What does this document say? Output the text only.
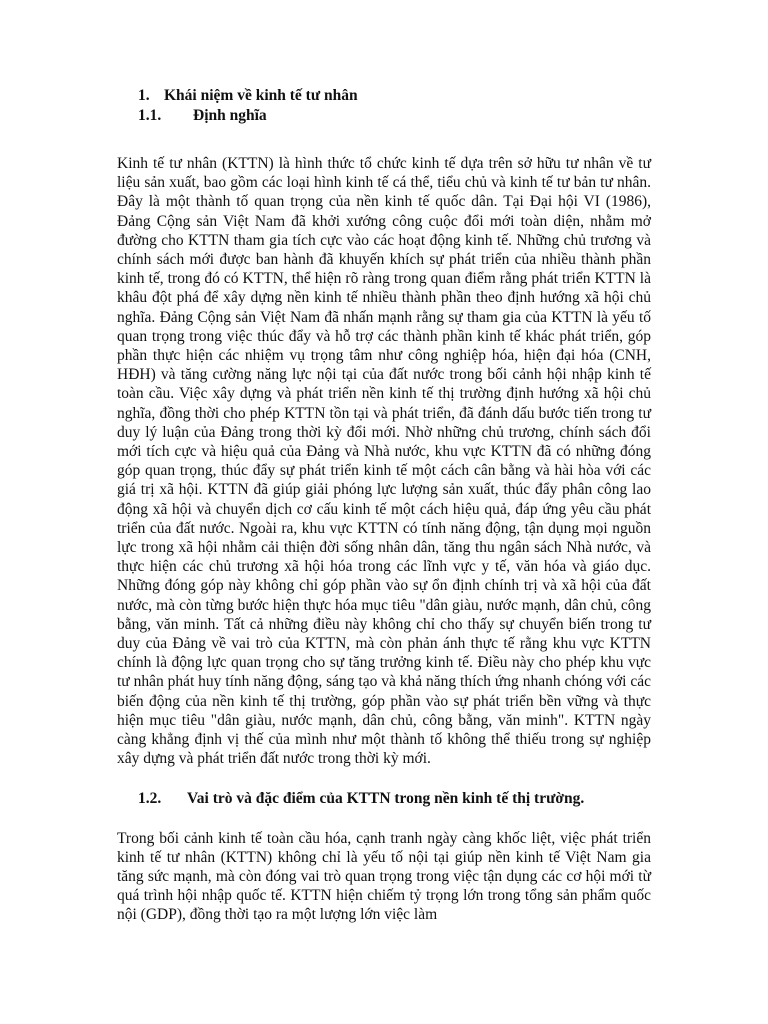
1. Khái niệm về kinh tế tư nhân
1.1.	Định nghĩa

Kinh tế tư nhân (KTTN) là hình thức tổ chức kinh tế dựa trên sở hữu tư nhân về tư liệu sản xuất, bao gồm các loại hình kinh tế cá thể, tiểu chủ và kinh tế tư bản tư nhân. Đây là một thành tố quan trọng của nền kinh tế quốc dân. Tại Đại hội VI (1986), Đảng Cộng sản Việt Nam đã khởi xướng công cuộc đổi mới toàn diện, nhằm mở đường cho KTTN tham gia tích cực vào các hoạt động kinh tế. Những chủ trương và chính sách mới được ban hành đã khuyến khích sự phát triển của nhiều thành phần kinh tế, trong đó có KTTN, thể hiện rõ ràng trong quan điểm rằng phát triển KTTN là khâu đột phá để xây dựng nền kinh tế nhiều thành phần theo định hướng xã hội chủ nghĩa. Đảng Cộng sản Việt Nam đã nhấn mạnh rằng sự tham gia của KTTN là yếu tố quan trọng trong việc thúc đẩy và hỗ trợ các thành phần kinh tế khác phát triển, góp phần thực hiện các nhiệm vụ trọng tâm như công nghiệp hóa, hiện đại hóa (CNH, HĐH) và tăng cường năng lực nội tại của đất nước trong bối cảnh hội nhập kinh tế toàn cầu. Việc xây dựng và phát triển nền kinh tế thị trường định hướng xã hội chủ nghĩa, đồng thời cho phép KTTN tồn tại và phát triển, đã đánh dấu bước tiến trong tư duy lý luận của Đảng trong thời kỳ đổi mới. Nhờ những chủ trương, chính sách đổi mới tích cực và hiệu quả của Đảng và Nhà nước, khu vực KTTN đã có những đóng góp quan trọng, thúc đẩy sự phát triển kinh tế một cách cân bằng và hài hòa với các giá trị xã hội. KTTN đã giúp giải phóng lực lượng sản xuất, thúc đẩy phân công lao động xã hội và chuyển dịch cơ cấu kinh tế một cách hiệu quả, đáp ứng yêu cầu phát triển của đất nước. Ngoài ra, khu vực KTTN có tính năng động, tận dụng mọi nguồn lực trong xã hội nhằm cải thiện đời sống nhân dân, tăng thu ngân sách Nhà nước, và thực hiện các chủ trương xã hội hóa trong các lĩnh vực y tế, văn hóa và giáo dục. Những đóng góp này không chỉ góp phần vào sự ổn định chính trị và xã hội của đất nước, mà còn từng bước hiện thực hóa mục tiêu "dân giàu, nước mạnh, dân chủ, công bằng, văn minh. Tất cả những điều này không chỉ cho thấy sự chuyển biến trong tư duy của Đảng về vai trò của KTTN, mà còn phản ánh thực tế rằng khu vực KTTN chính là động lực quan trọng cho sự tăng trưởng kinh tế. Điều này cho phép khu vực tư nhân phát huy tính năng động, sáng tạo và khả năng thích ứng nhanh chóng với các biến động của nền kinh tế thị trường, góp phần vào sự phát triển bền vững và thực hiện mục tiêu "dân giàu, nước mạnh, dân chủ, công bằng, văn minh". KTTN ngày càng khẳng định vị thế của mình như một thành tố không thể thiếu trong sự nghiệp xây dựng và phát triển đất nước trong thời kỳ mới.

1.2.	Vai trò và đặc điểm của KTTN trong nền kinh tế thị trường.

Trong bối cảnh kinh tế toàn cầu hóa, cạnh tranh ngày càng khốc liệt, việc phát triển kinh tế tư nhân (KTTN) không chỉ là yếu tố nội tại giúp nền kinh tế Việt Nam gia tăng sức mạnh, mà còn đóng vai trò quan trọng trong việc tận dụng các cơ hội mới từ quá trình hội nhập quốc tế. KTTN hiện chiếm tỷ trọng lớn trong tổng sản phẩm quốc nội (GDP), đồng thời tạo ra một lượng lớn việc làm
